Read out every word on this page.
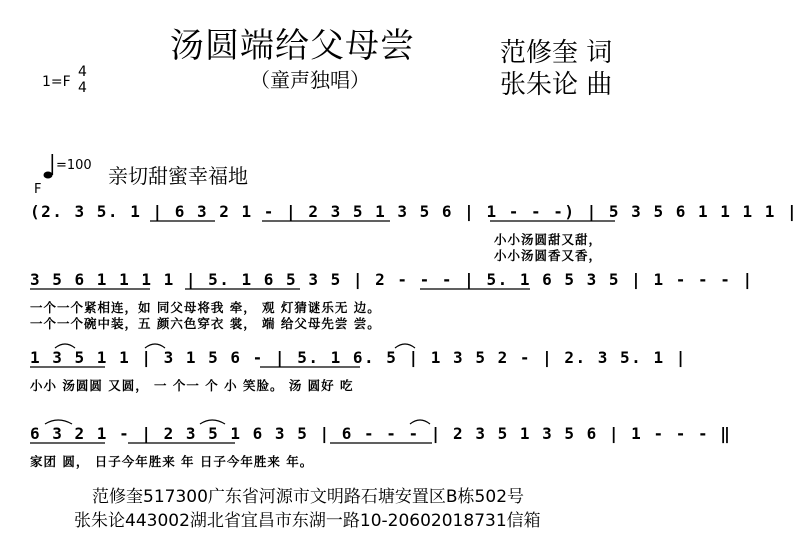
汤圆端给父母尝
（童声独唱）
范修奎 词
张朱论 曲
1=F
4
4
=100
F
亲切甜蜜幸福地
(2. 3 5. 1 | 6 3 2 1 - | 2 3 5 1 3 5 6 | 1 - - -) | 5 3 5 6 1 1 1 1 |
小小汤圆甜又甜，
小小汤圆香又香，
3 5 6 1 1 1 1 | 5. 1 6 5 3 5 | 2 - - - | 5. 1 6 5 3 5 | 1 - - - |
一个一个紧相连，如 同父母将我 牵， 观 灯猜谜乐无 边。
一个一个碗中装，五 颜六色穿衣 裳， 端 给父母先尝 尝。
1 3 5 1 1 | 3 1 5 6 - | 5. 1 6. 5 | 1 3 5 2 - | 2. 3 5. 1 |
小小 汤圆圆 又圆， 一 个一 个 小 笑脸。 汤 圆好 吃
6 3 2 1 - | 2 3 5 1 6 3 5 | 6 - - - | 2 3 5 1 3 5 6 | 1 - - - ‖
家团 圆， 日子今年胜来 年 日子今年胜来 年。
范修奎517300广东省河源市文明路石塘安置区B栋502号
张朱论443002湖北省宜昌市东湖一路10-20602018731信箱
